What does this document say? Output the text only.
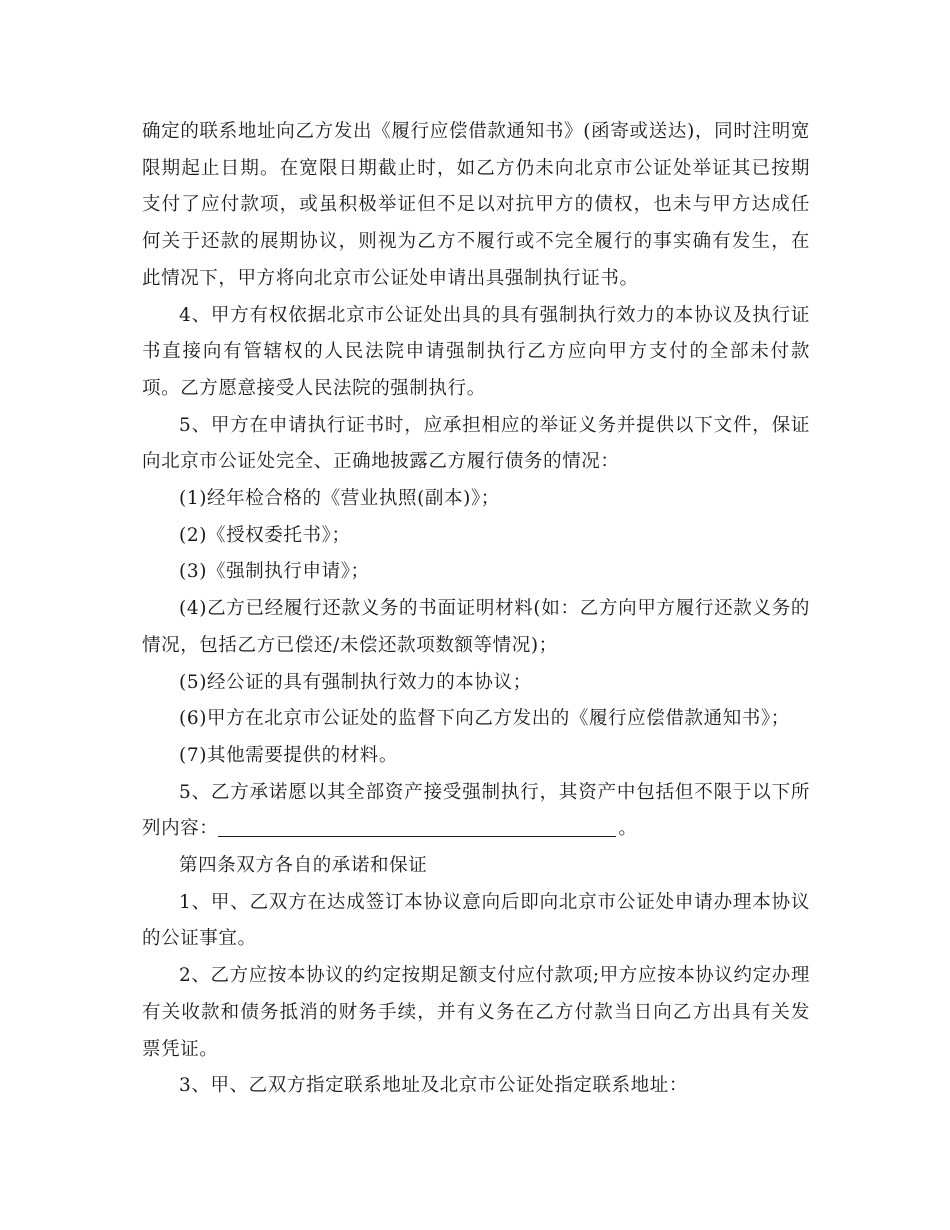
确定的联系地址向乙方发出《履行应偿借款通知书》(函寄或送达)，同时注明宽限期起止日期。在宽限日期截止时，如乙方仍未向北京市公证处举证其已按期支付了应付款项，或虽积极举证但不足以对抗甲方的债权，也未与甲方达成任何关于还款的展期协议，则视为乙方不履行或不完全履行的事实确有发生，在此情况下，甲方将向北京市公证处申请出具强制执行证书。

4、甲方有权依据北京市公证处出具的具有强制执行效力的本协议及执行证书直接向有管辖权的人民法院申请强制执行乙方应向甲方支付的全部未付款项。乙方愿意接受人民法院的强制执行。

5、甲方在申请执行证书时，应承担相应的举证义务并提供以下文件，保证向北京市公证处完全、正确地披露乙方履行债务的情况：

(1)经年检合格的《营业执照(副本)》；

(2)《授权委托书》；

(3)《强制执行申请》；

(4)乙方已经履行还款义务的书面证明材料(如：乙方向甲方履行还款义务的情况，包括乙方已偿还/未偿还款项数额等情况)；

(5)经公证的具有强制执行效力的本协议；

(6)甲方在北京市公证处的监督下向乙方发出的《履行应偿借款通知书》；

(7)其他需要提供的材料。

5、乙方承诺愿以其全部资产接受强制执行，其资产中包括但不限于以下所列内容：	。

第四条双方各自的承诺和保证

1、甲、乙双方在达成签订本协议意向后即向北京市公证处申请办理本协议的公证事宜。

2、乙方应按本协议的约定按期足额支付应付款项;甲方应按本协议约定办理有关收款和债务抵消的财务手续，并有义务在乙方付款当日向乙方出具有关发票凭证。

3、甲、乙双方指定联系地址及北京市公证处指定联系地址：
